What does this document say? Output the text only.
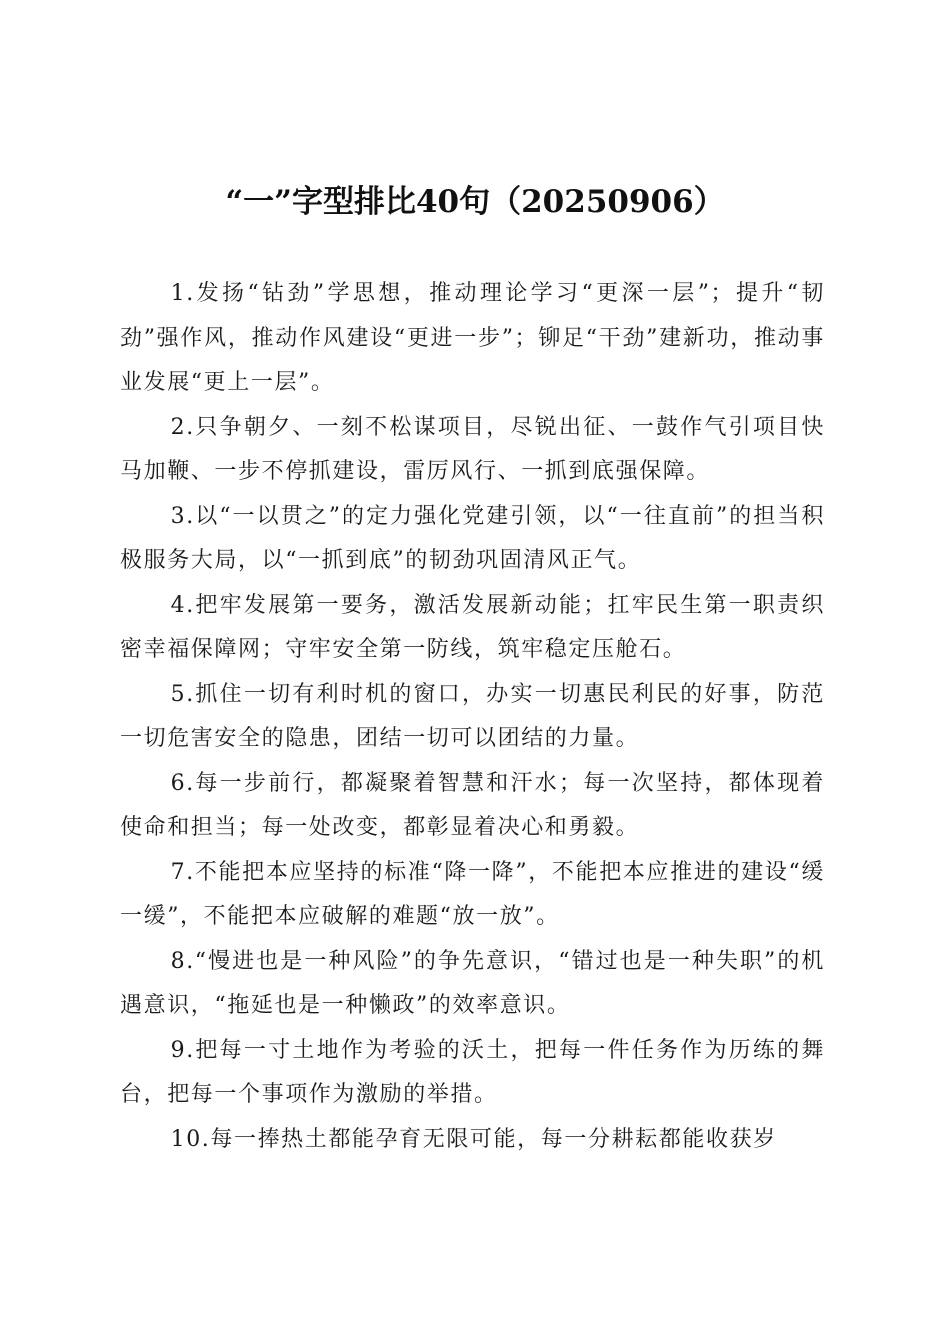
“一”字型排比40句（20250906）

1.发扬“钻劲”学思想，推动理论学习“更深一层”；提升“韧劲”强作风，推动作风建设“更进一步”；铆足“干劲”建新功，推动事业发展“更上一层”。

2.只争朝夕、一刻不松谋项目，尽锐出征、一鼓作气引项目快马加鞭、一步不停抓建设，雷厉风行、一抓到底强保障。

3.以“一以贯之”的定力强化党建引领，以“一往直前”的担当积极服务大局，以“一抓到底”的韧劲巩固清风正气。

4.把牢发展第一要务，激活发展新动能；扛牢民生第一职责织密幸福保障网；守牢安全第一防线，筑牢稳定压舱石。

5.抓住一切有利时机的窗口，办实一切惠民利民的好事，防范一切危害安全的隐患，团结一切可以团结的力量。

6.每一步前行，都凝聚着智慧和汗水；每一次坚持，都体现着使命和担当；每一处改变，都彰显着决心和勇毅。

7.不能把本应坚持的标准“降一降”，不能把本应推进的建设“缓一缓”，不能把本应破解的难题“放一放”。

8.“慢进也是一种风险”的争先意识，“错过也是一种失职”的机遇意识，“拖延也是一种懒政”的效率意识。

9.把每一寸土地作为考验的沃土，把每一件任务作为历练的舞台，把每一个事项作为激励的举措。

10.每一捧热土都能孕育无限可能，每一分耕耘都能收获岁
